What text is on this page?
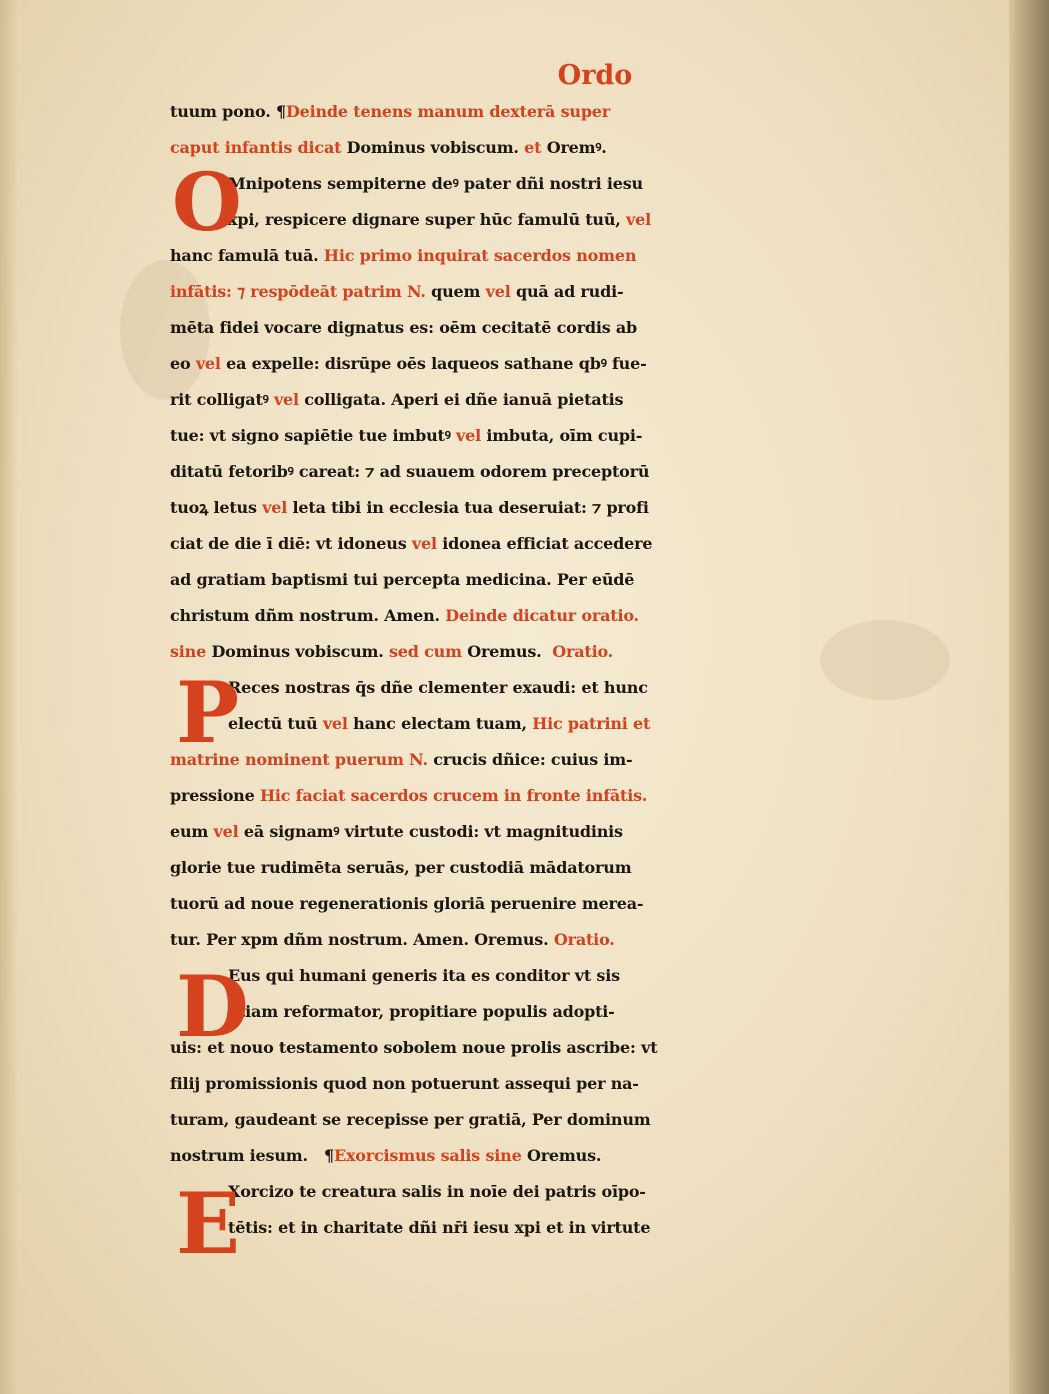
Ordo
tuum pono. ¶Deinde tenens manum dexterā super
caput infantis dicat Dominus vobiscum. et Oremꝰ.
Mnipotens sempiterne deꝰ pater dñi nostri iesu
xpi, respicere dignare super hūc famulū tuū, vel
hanc famulā tuā. Hic primo inquirat sacerdos nomen
infātis: ⁊ respōdeāt patrim N. quem vel quā ad rudi-
mēta fidei vocare dignatus es: oēm cecitatē cordis ab
eo vel ea expelle: disrūpe oēs laqueos sathane qbꝰ fue-
rit colligatꝰ vel colligata. Aperi ei dñe ianuā pietatis
tue: vt signo sapiētie tue imbutꝰ vel imbuta, oīm cupi-
ditatū fetoribꝰ careat: ⁊ ad suauem odorem preceptorū
tuoꝝ letus vel leta tibi in ecclesia tua deseruiat: ⁊ profi
ciat de die ī diē: vt idoneus vel idonea efficiat accedere
ad gratiam baptismi tui percepta medicina. Per eūdē
christum dñm nostrum. Amen. Deinde dicatur oratio.
sine Dominus vobiscum. sed cum Oremus.  Oratio.
Reces nostras q̄s dñe clementer exaudi: et hunc
electū tuū vel hanc electam tuam, Hic patrini et
matrine nominent puerum N. crucis dñice: cuius im-
pressione Hic faciat sacerdos crucem in fronte infātis.
eum vel eā signamꝰ virtute custodi: vt magnitudinis
glorie tue rudimēta seruās, per custodiā mādatorum
tuorū ad noue regenerationis gloriā peruenire merea-
tur. Per xpm dñm nostrum. Amen. Oremus. Oratio.
Eus qui humani generis ita es conditor vt sis
etiam reformator, propitiare populis adopti-
uis: et nouo testamento sobolem noue prolis ascribe: vt
filij promissionis quod non potuerunt assequi per na-
turam, gaudeant se recepisse per gratiā, Per dominum
nostrum iesum.   ¶Exorcismus salis sine Oremus.
Xorcizo te creatura salis in noīe dei patris oīpo-
tētis: et in charitate dñi nr̄i iesu xpi et in virtute
O
P
D
E
